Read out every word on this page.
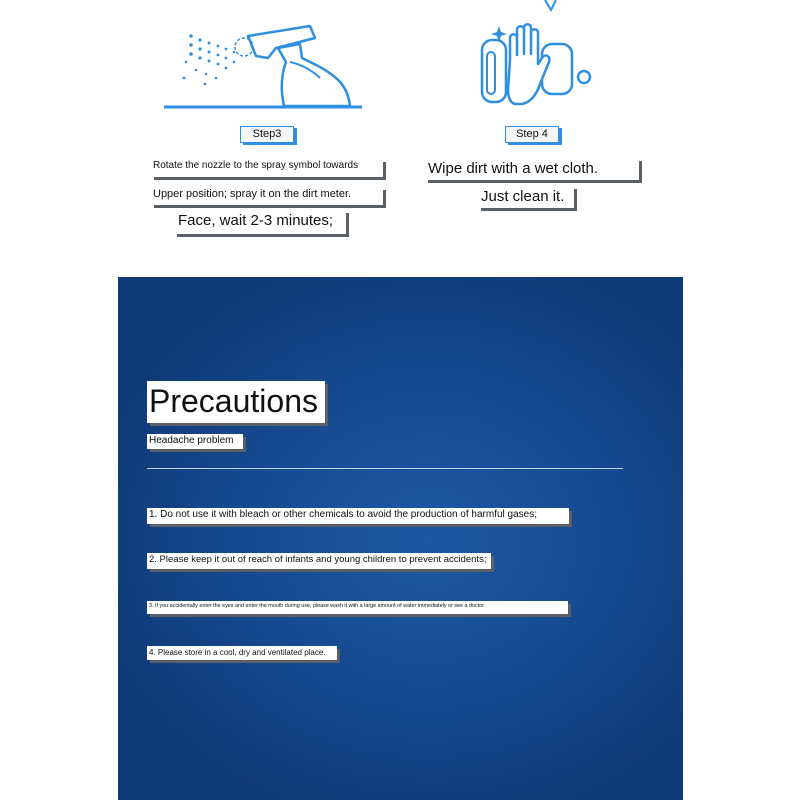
Step3	Step 4
Rotate the nozzle to the spray symbol towards
Upper position; spray it on the dirt meter.
Face, wait 2-3 minutes;
Wipe dirt with a wet cloth.
Just clean it.
Precautions
Headache problem
1. Do not use it with bleach or other chemicals to avoid the production of harmful gases;
2. Please keep it out of reach of infants and young children to prevent accidents;
3. If you accidentally enter the eyes and enter the mouth during use, please wash it with a large amount of water immediately or see a doctor.
4. Please store in a cool, dry and ventilated place.
